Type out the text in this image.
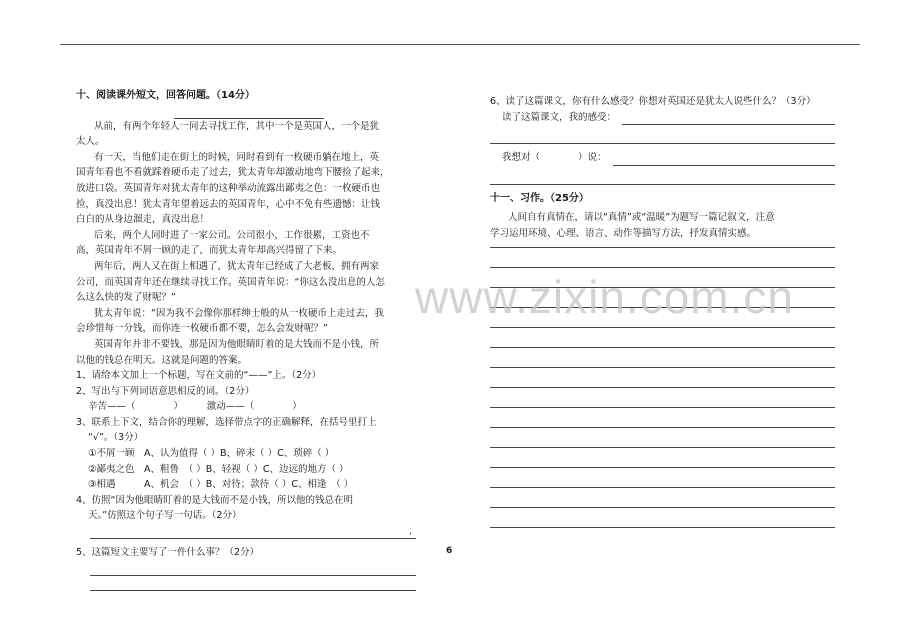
十、阅读课外短文，回答问题。（14分）
从前，有两个年轻人一同去寻找工作，其中一个是英国人，一个是犹
太人。
有一天，当他们走在街上的时候，同时看到有一枚硬币躺在地上，英
国青年看也不看就踩着硬币走了过去，犹太青年却激动地弯下腰捡了起来，
放进口袋。英国青年对犹太青年的这种举动流露出鄙夷之色：一枚硬币也
捡，真没出息！犹太青年望着远去的英国青年，心中不免有些遗憾：让钱
白白的从身边溜走，真没出息！
后来，两个人同时进了一家公司。公司很小，工作很累，工资也不
高，英国青年不屑一顾的走了，而犹太青年却高兴得留了下来。
两年后，两人又在街上相遇了，犹太青年已经成了大老板，拥有两家
公司，而英国青年还在继续寻找工作。英国青年说：“你这么没出息的人怎
么这么快的发了财呢？”
犹太青年说：“因为我不会像你那样绅士般的从一枚硬币上走过去，我
会珍惜每一分钱，而你连一枚硬币都不要，怎么会发财呢？”
英国青年并非不要钱，那是因为他眼睛盯着的是大钱而不是小钱，所
以他的钱总在明天。这就是问题的答案。
1、请给本文加上一个标题，写在文前的“——”上。（2分）
2、写出与下列词语意思相反的词。（2分）
辛苦——（　　　　）　　　激动——（　　　　）
3、联系上下文，结合你的理解，选择带点字的正确解释，在括号里打上
“√”。（3分）
①不屑一顾　A、认为值得（ ）B、碎末（ ）C、琐碎（ ）
②鄙夷之色　A、粗鲁　（ ）B、轻视（ ）C、边远的地方（ ）
③相遇　　　A、机会　（ ）B、对待；款待（ ）C、相逢　（ ）
4、仿照“因为他眼睛盯着的是大钱而不是小钱，所以他的钱总在明
天。”仿照这个句子写一句话。（2分）
5、这篇短文主要写了一件什么事？（2分）
6、读了这篇课文，你有什么感受？你想对英国还是犹太人说些什么？（3分）
读了这篇课文，我的感受：
我想对（　　　　）说：
十一、习作。（25分）
人间自有真情在，请以“真情”或“温暖”为题写一篇记叙文，注意
学习运用环境、心理、语言、动作等描写方法，抒发真情实感。
www.zixin.com.cn
ʼ
6
